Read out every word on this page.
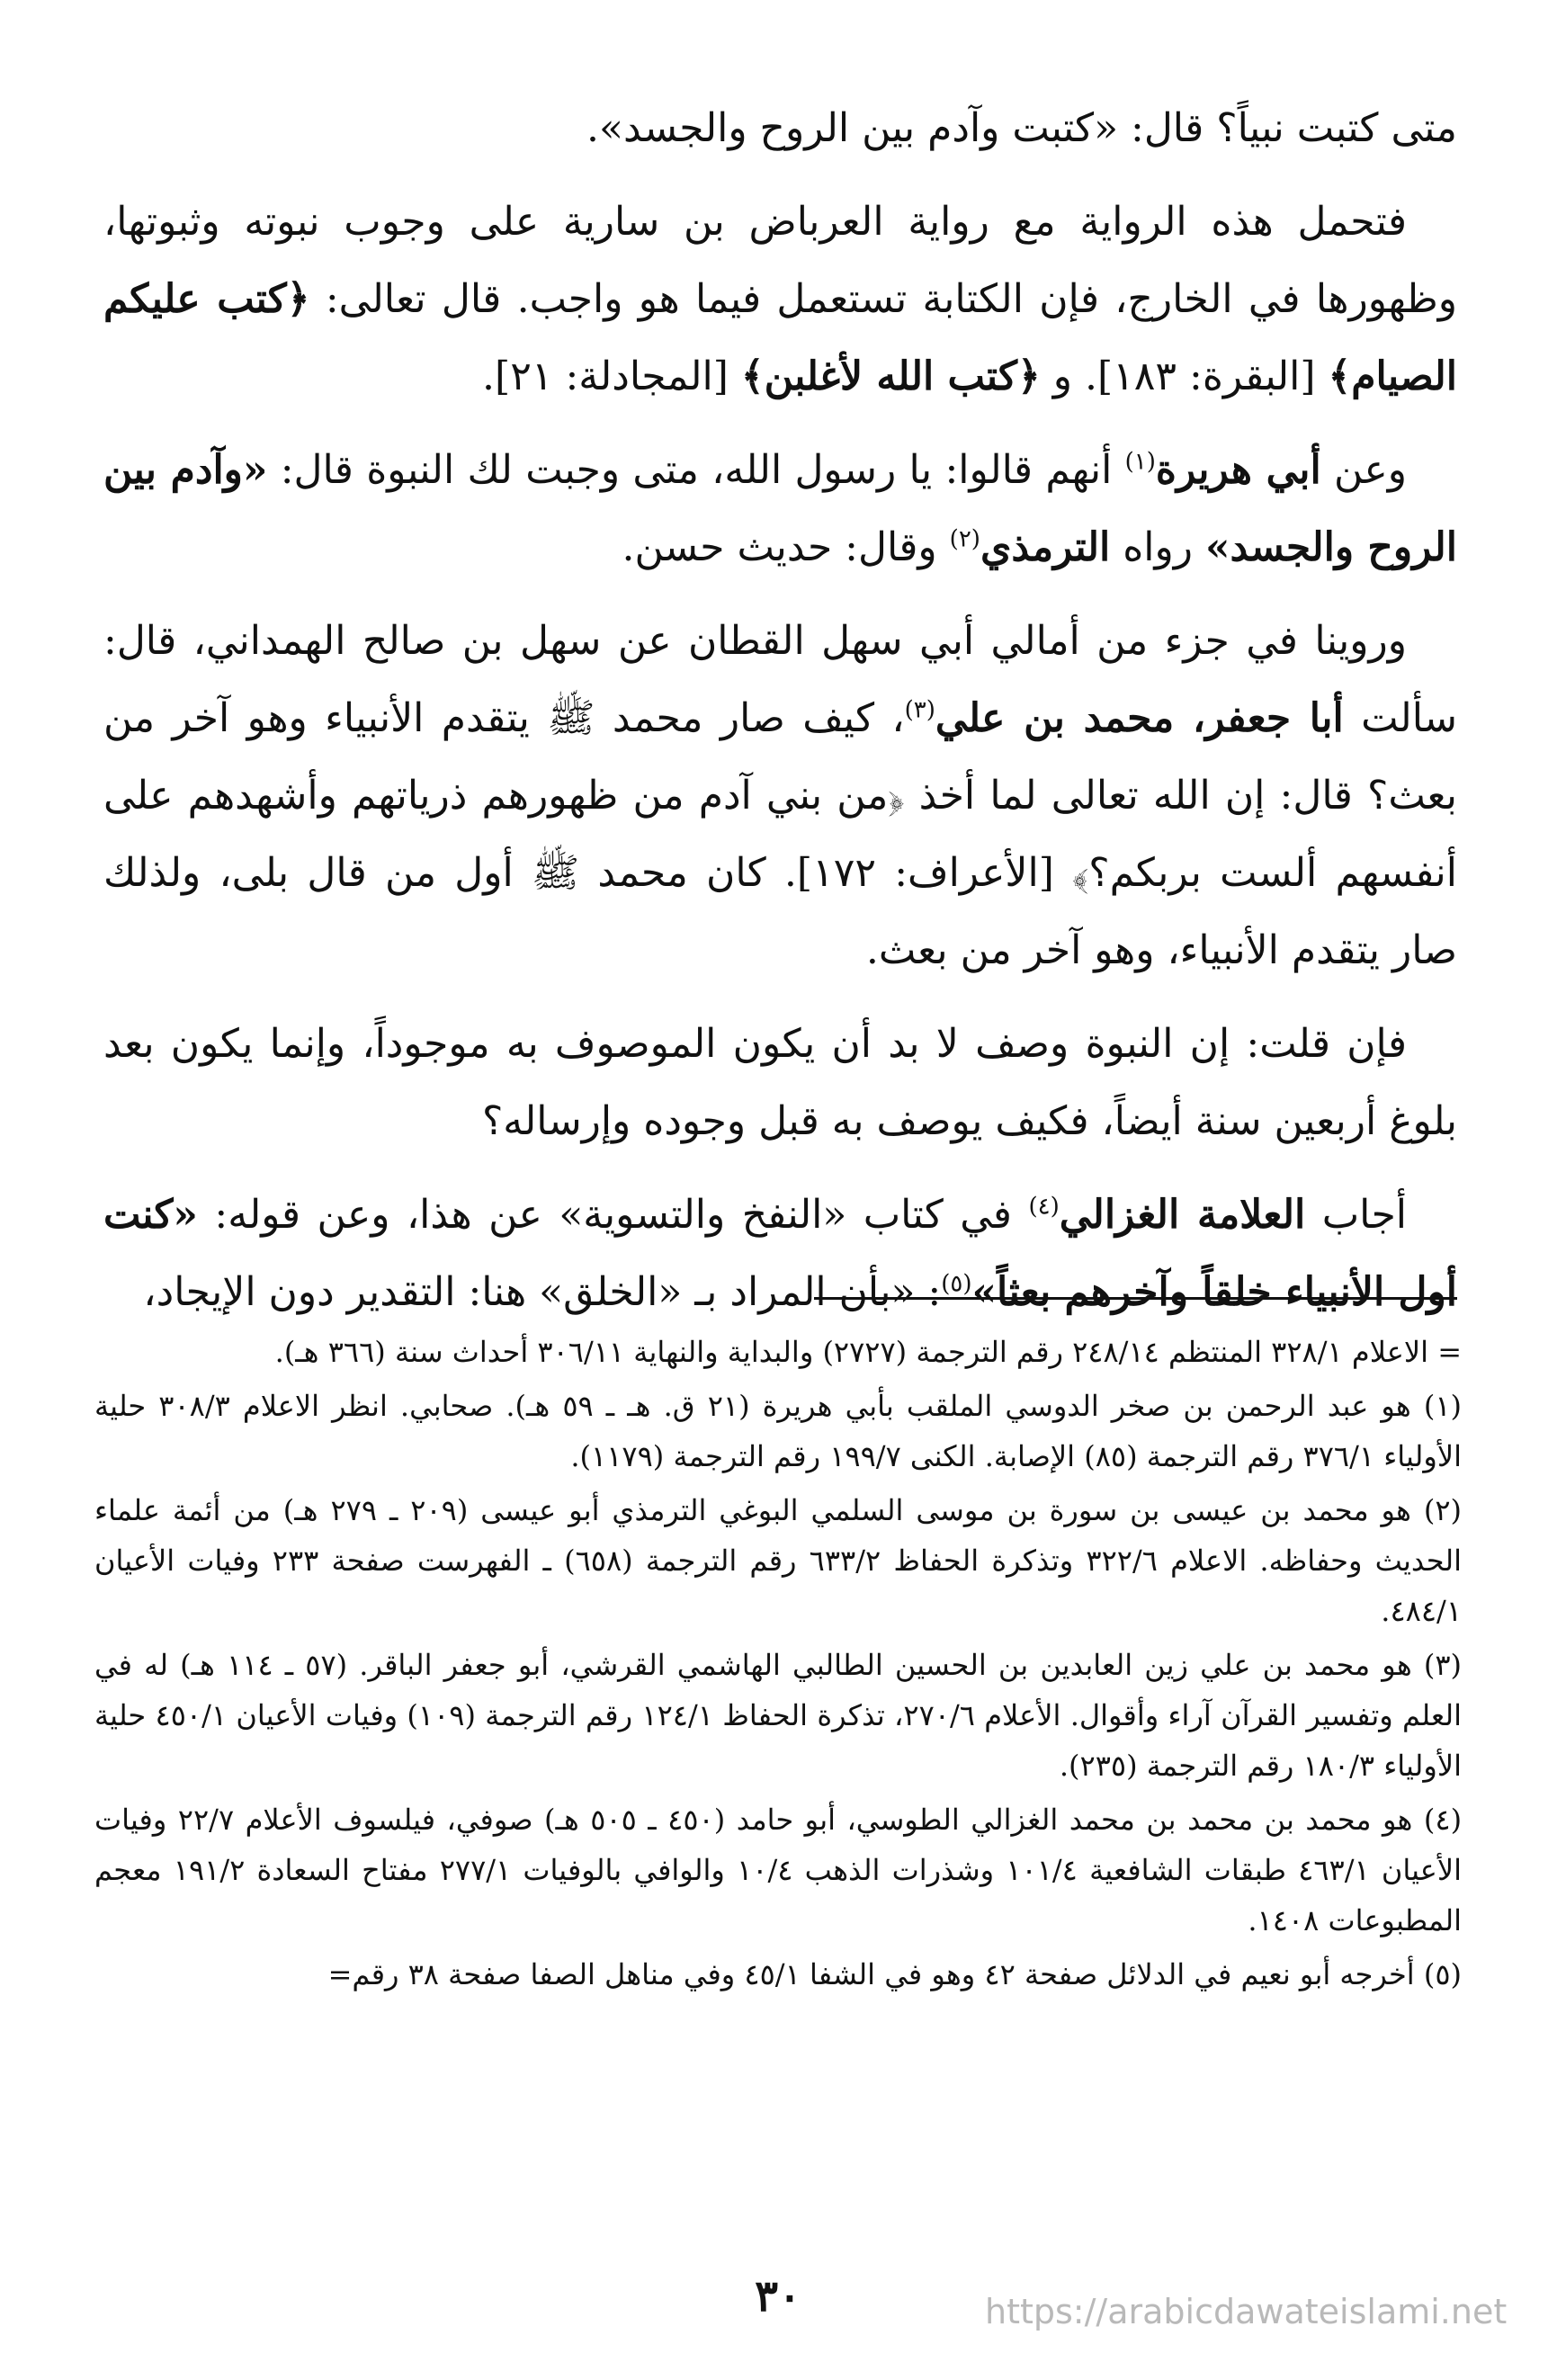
متى كتبت نبياً؟ قال: «كتبت وآدم بين الروح والجسد».

فتحمل هذه الرواية مع رواية العرباض بن سارية على وجوب نبوته وثبوتها، وظهورها في الخارج، فإن الكتابة تستعمل فيما هو واجب. قال تعالى: ﴿كتب عليكم الصيام﴾ [البقرة: ١٨٣]. و ﴿كتب الله لأغلبن﴾ [المجادلة: ٢١].

وعن أبي هريرة$^{(١)}$ أنهم قالوا: يا رسول الله، متى وجبت لك النبوة قال: «وآدم بين الروح والجسد» رواه الترمذي$^{(٢)}$ وقال: حديث حسن.

وروينا في جزء من أمالي أبي سهل القطان عن سهل بن صالح الهمداني، قال: سألت أبا جعفر، محمد بن علي$^{(٣)}$، كيف صار محمد ﷺ يتقدم الأنبياء وهو آخر من بعث؟ قال: إن الله تعالى لما أخذ ﴿من بني آدم من ظهورهم ذرياتهم وأشهدهم على أنفسهم ألست بربكم؟﴾ [الأعراف: ١٧٢]. كان محمد ﷺ أول من قال بلى، ولذلك صار يتقدم الأنبياء، وهو آخر من بعث.

فإن قلت: إن النبوة وصف لا بد أن يكون الموصوف به موجوداً، وإنما يكون بعد بلوغ أربعين سنة أيضاً، فكيف يوصف به قبل وجوده وإرساله؟

أجاب العلامة الغزالي$^{(٤)}$ في كتاب «النفخ والتسوية» عن هذا، وعن قوله: «كنت أول الأنبياء خلقاً وآخرهم بعثاً»$^{(٥)}$: «بأن المراد بـ «الخلق» هنا: التقدير دون الإيجاد،

= الاعلام ٣٢٨/١ المنتظم ٢٤٨/١٤ رقم الترجمة (٢٧٢٧) والبداية والنهاية ٣٠٦/١١ أحداث سنة (٣٦٦ هـ).

(١) هو عبد الرحمن بن صخر الدوسي الملقب بأبي هريرة (٢١ ق. هـ ـ ٥٩ هـ). صحابي. انظر الاعلام ٣٠٨/٣ حلية الأولياء ٣٧٦/١ رقم الترجمة (٨٥) الإصابة. الكنى ١٩٩/٧ رقم الترجمة (١١٧٩).

(٢) هو محمد بن عيسى بن سورة بن موسى السلمي البوغي الترمذي أبو عيسى (٢٠٩ ـ ٢٧٩ هـ) من أئمة علماء الحديث وحفاظه. الاعلام ٣٢٢/٦ وتذكرة الحفاظ ٦٣٣/٢ رقم الترجمة (٦٥٨) ـ الفهرست صفحة ٢٣٣ وفيات الأعيان ٤٨٤/١.

(٣) هو محمد بن علي زين العابدين بن الحسين الطالبي الهاشمي القرشي، أبو جعفر الباقر. (٥٧ ـ ١١٤ هـ) له في العلم وتفسير القرآن آراء وأقوال. الأعلام ٢٧٠/٦، تذكرة الحفاظ ١٢٤/١ رقم الترجمة (١٠٩) وفيات الأعيان ٤٥٠/١ حلية الأولياء ١٨٠/٣ رقم الترجمة (٢٣٥).

(٤) هو محمد بن محمد بن محمد الغزالي الطوسي، أبو حامد (٤٥٠ ـ ٥٠٥ هـ) صوفي، فيلسوف الأعلام ٢٢/٧ وفيات الأعيان ٤٦٣/١ طبقات الشافعية ١٠١/٤ وشذرات الذهب ١٠/٤ والوافي بالوفيات ٢٧٧/١ مفتاح السعادة ١٩١/٢ معجم المطبوعات ١٤٠٨.

(٥) أخرجه أبو نعيم في الدلائل صفحة ٤٢ وهو في الشفا ٤٥/١ وفي مناهل الصفا صفحة ٣٨ رقم=

٣٠	https://arabicdawateislami.net
